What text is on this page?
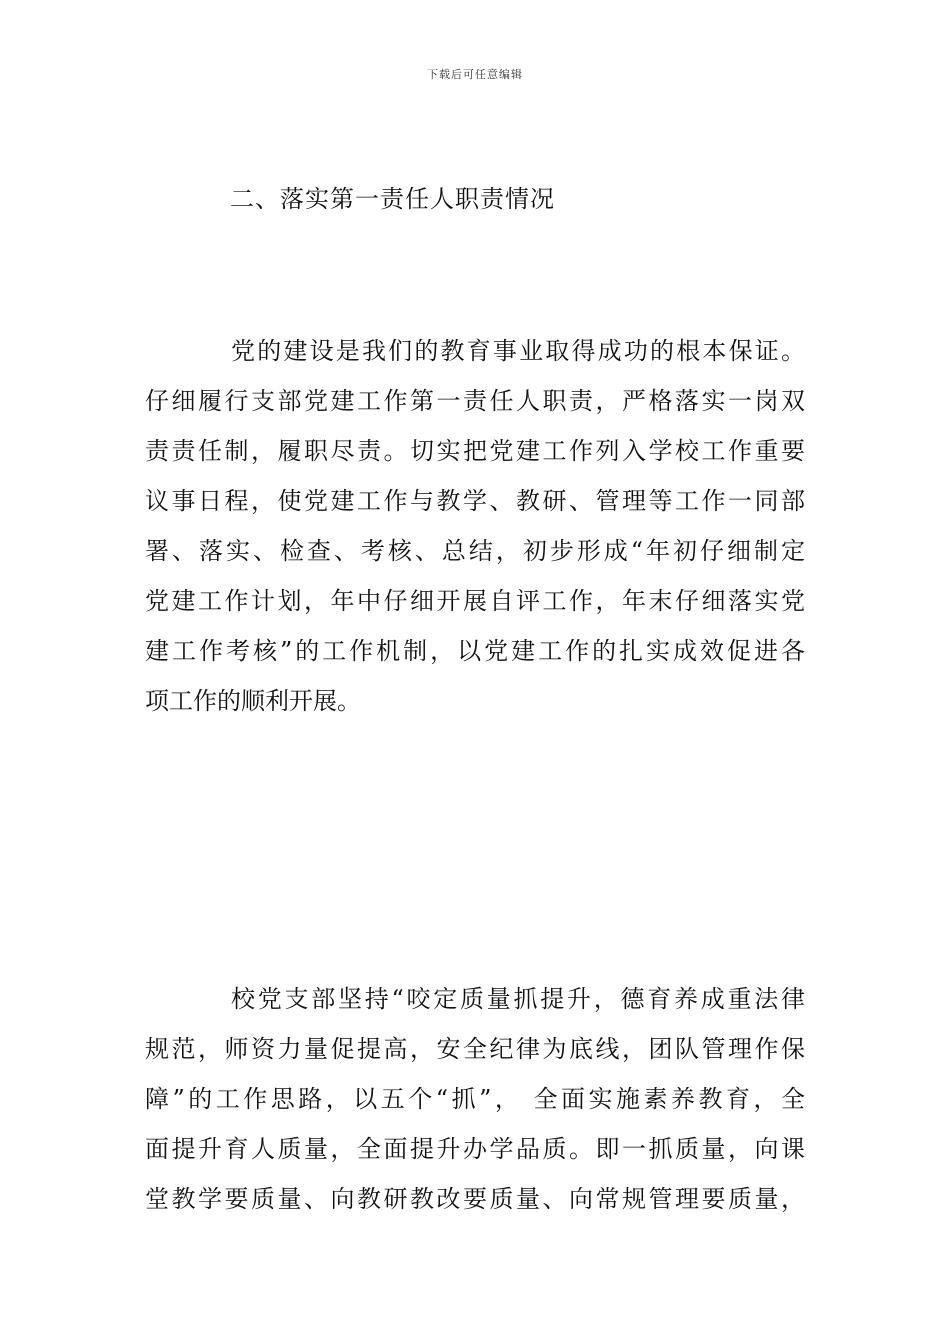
下载后可任意编辑
二、落实第一责任人职责情况
党的建设是我们的教育事业取得成功的根本保证。
仔细履行支部党建工作第一责任人职责，严格落实一岗双
责责任制，履职尽责。切实把党建工作列入学校工作重要
议事日程，使党建工作与教学、教研、管理等工作一同部
署、落实、检查、考核、总结，初步形成“年初仔细制定
党建工作计划，年中仔细开展自评工作，年末仔细落实党
建工作考核”的工作机制，以党建工作的扎实成效促进各
项工作的顺利开展。
校党支部坚持“咬定质量抓提升，德育养成重法律
规范，师资力量促提高，安全纪律为底线，团队管理作保
障”的工作思路，以五个“抓”， 全面实施素养教育，全
面提升育人质量，全面提升办学品质。即一抓质量，向课
堂教学要质量、向教研教改要质量、向常规管理要质量，
